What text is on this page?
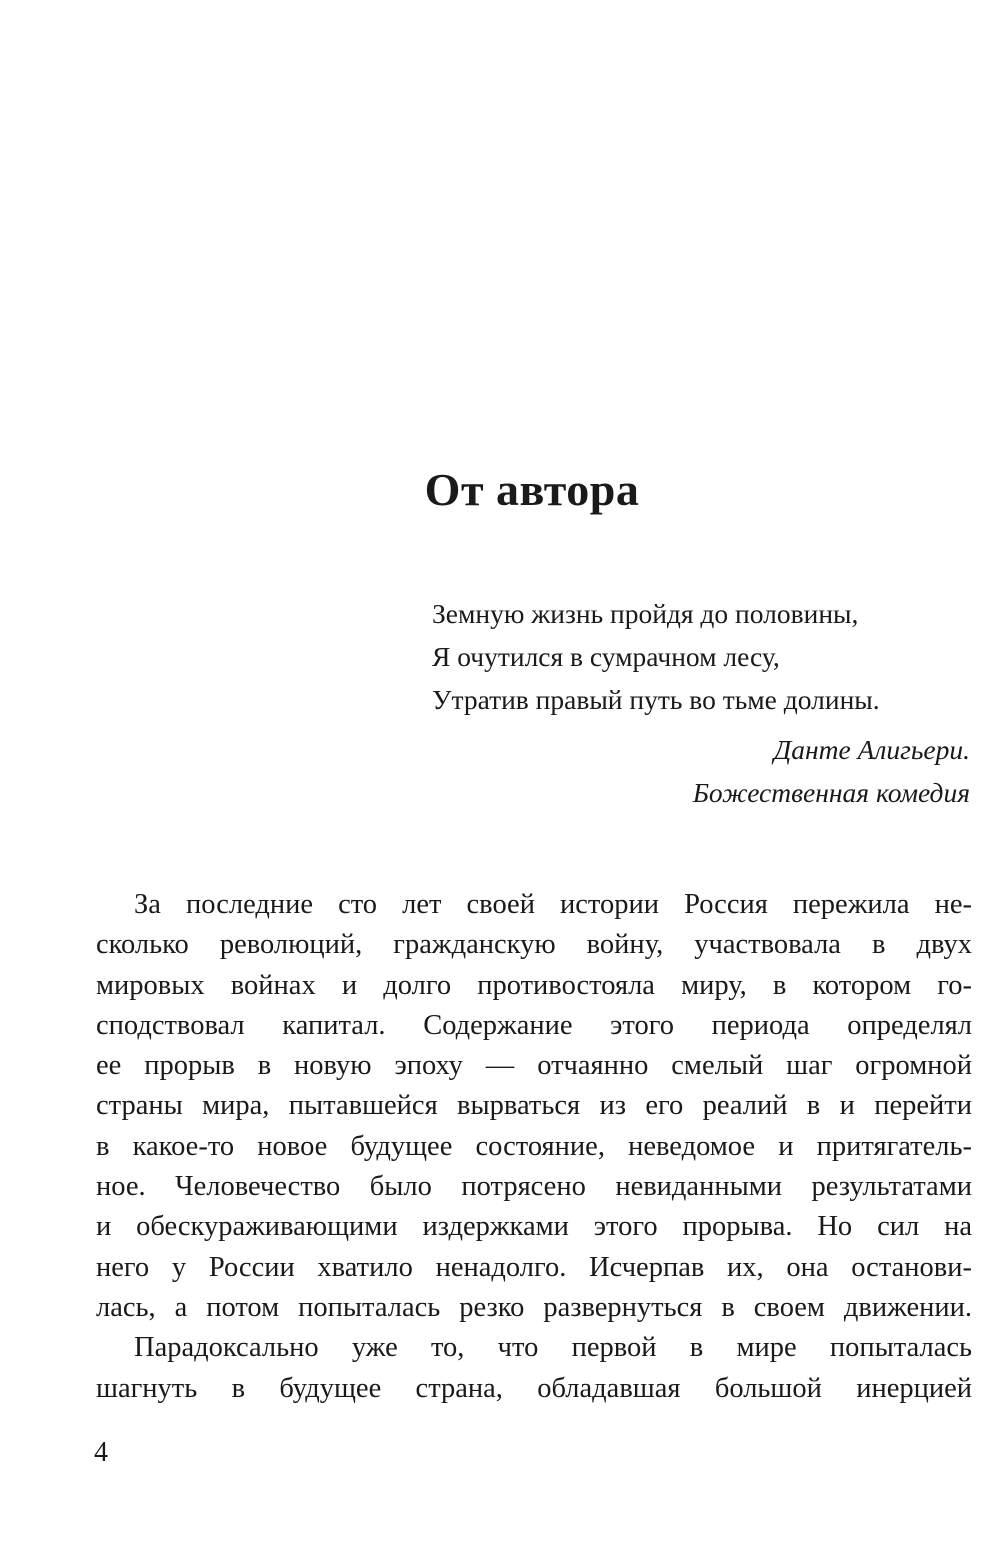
От автора
Земную жизнь пройдя до половины,
Я очутился в сумрачном лесу,
Утратив правый путь во тьме долины.
Данте Алигьери.
Божественная комедия

За последние сто лет своей истории Россия пережила не-
сколько революций, гражданскую войну, участвовала в двух
мировых войнах и долго противостояла миру, в котором го-
сподствовал капитал. Содержание этого периода определял
ее прорыв в новую эпоху — отчаянно смелый шаг огромной
страны мира, пытавшейся вырваться из его реалий в и перейти
в какое-то новое будущее состояние, неведомое и притягатель-
ное. Человечество было потрясено невиданными результатами
и обескураживающими издержками этого прорыва. Но сил на
него у России хватило ненадолго. Исчерпав их, она останови-
лась, а потом попыталась резко развернуться в своем движении.

Парадоксально уже то, что первой в мире попыталась
шагнуть в будущее страна, обладавшая большой инерцией

4
